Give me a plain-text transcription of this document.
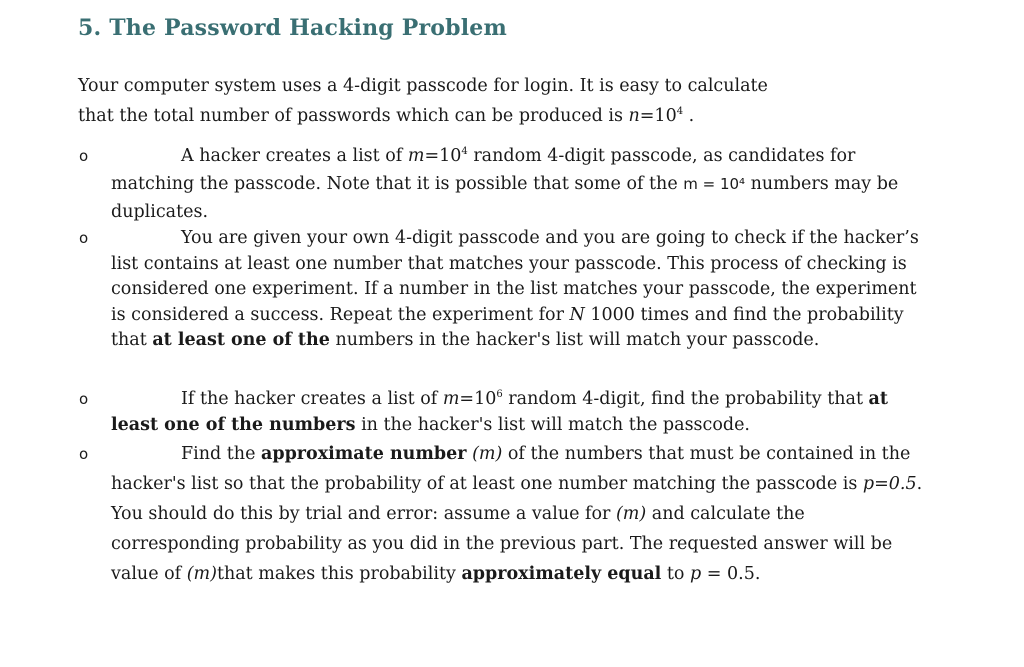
5. The Password Hacking Problem

Your computer system uses a 4-digit passcode for login. It is easy to calculate

that the total number of passwords which can be produced is $n=10^4$ .

o	A hacker creates a list of $m=10^4$ random 4-digit passcode, as candidates for matching the passcode. Note that it is possible that some of the m = 10⁴ numbers may be duplicates.

o	You are given your own 4-digit passcode and you are going to check if the hacker’s list contains at least one number that matches your passcode. This process of checking is considered one experiment. If a number in the list matches your passcode, the experiment is considered a success. Repeat the experiment for N 1000 times and find the probability that at least one of the numbers in the hacker's list will match your passcode.

o	If the hacker creates a list of $m=10^6$ random 4-digit, find the probability that at least one of the numbers in the hacker's list will match the passcode.

o	Find the approximate number (m) of the numbers that must be contained in the hacker's list so that the probability of at least one number matching the passcode is p=0.5. You should do this by trial and error: assume a value for (m) and calculate the corresponding probability as you did in the previous part. The requested answer will be value of (m)that makes this probability approximately equal to p = 0.5.
